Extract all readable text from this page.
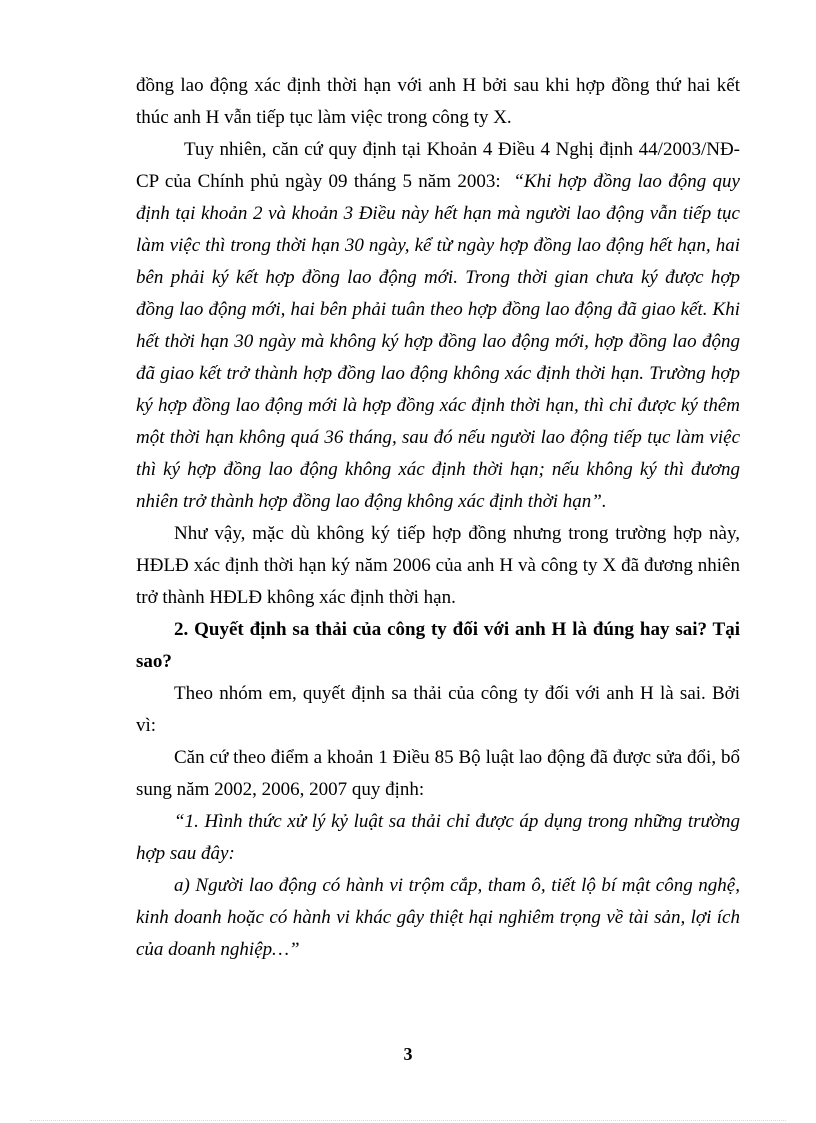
đồng lao động xác định thời hạn với anh H bởi sau khi hợp đồng thứ hai kết thúc anh H vẫn tiếp tục làm việc trong công ty X.

Tuy nhiên, căn cứ quy định tại Khoản 4 Điều 4 Nghị định 44/2003/NĐ-CP của Chính phủ ngày 09 tháng 5 năm 2003: “Khi hợp đồng lao động quy định tại khoản 2 và khoản 3 Điều này hết hạn mà người lao động vẫn tiếp tục làm việc thì trong thời hạn 30 ngày, kể từ ngày hợp đồng lao động hết hạn, hai bên phải ký kết hợp đồng lao động mới. Trong thời gian chưa ký được hợp đồng lao động mới, hai bên phải tuân theo hợp đồng lao động đã giao kết. Khi hết thời hạn 30 ngày mà không ký hợp đồng lao động mới, hợp đồng lao động đã giao kết trở thành hợp đồng lao động không xác định thời hạn. Trường hợp ký hợp đồng lao động mới là hợp đồng xác định thời hạn, thì chỉ được ký thêm một thời hạn không quá 36 tháng, sau đó nếu người lao động tiếp tục làm việc thì ký hợp đồng lao động không xác định thời hạn; nếu không ký thì đương nhiên trở thành hợp đồng lao động không xác định thời hạn”.

Như vậy, mặc dù không ký tiếp hợp đồng nhưng trong trường hợp này, HĐLĐ xác định thời hạn ký năm 2006 của anh H và công ty X đã đương nhiên trở thành HĐLĐ không xác định thời hạn.

2. Quyết định sa thải của công ty đối với anh H là đúng hay sai? Tại sao?

Theo nhóm em, quyết định sa thải của công ty đối với anh H là sai. Bởi vì:

Căn cứ theo điểm a khoản 1 Điều 85 Bộ luật lao động đã được sửa đổi, bổ sung năm 2002, 2006, 2007 quy định:

“1. Hình thức xử lý kỷ luật sa thải chỉ được áp dụng trong những trường hợp sau đây:

a) Người lao động có hành vi trộm cắp, tham ô, tiết lộ bí mật công nghệ, kinh doanh hoặc có hành vi khác gây thiệt hại nghiêm trọng về tài sản, lợi ích của doanh nghiệp…”

3
